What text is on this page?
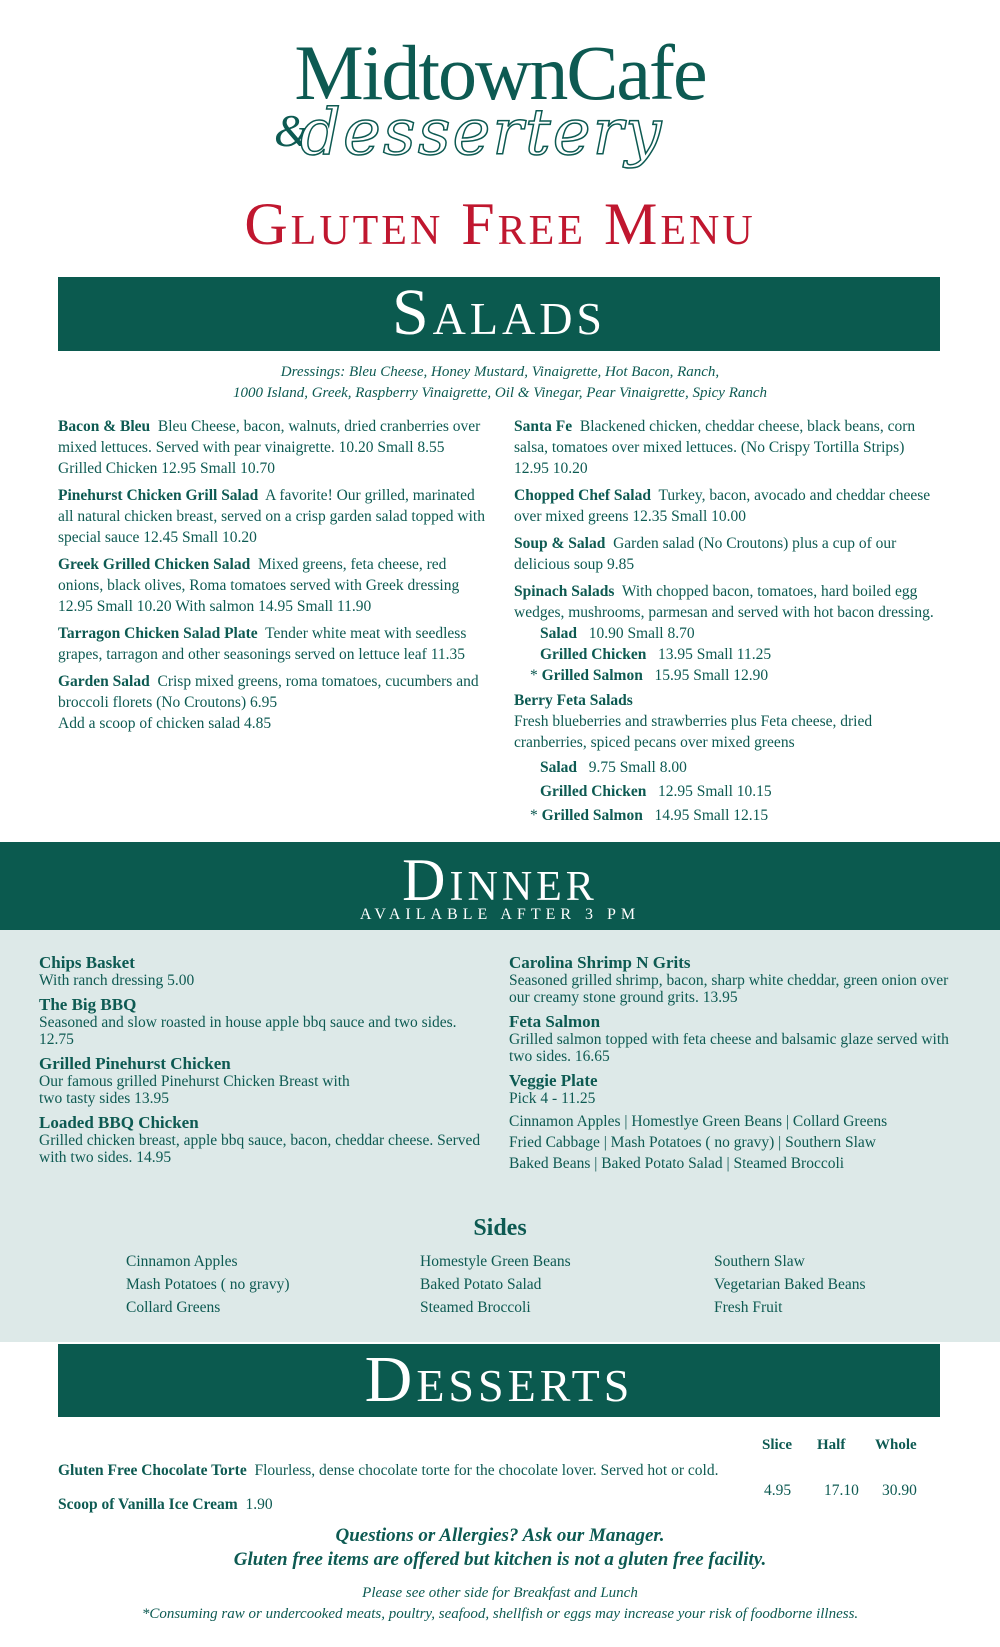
MidtownCafe
&
dessertery
Gluten Free Menu
Salads
Dressings: Bleu Cheese, Honey Mustard, Vinaigrette, Hot Bacon, Ranch,
1000 Island, Greek, Raspberry Vinaigrette, Oil & Vinegar, Pear Vinaigrette, Spicy Ranch
Bacon & Bleu Bleu Cheese, bacon, walnuts, dried cranberries over mixed lettuces. Served with pear vinaigrette. 10.20 Small 8.55 Grilled Chicken 12.95 Small 10.70
Pinehurst Chicken Grill Salad A favorite! Our grilled, marinated all natural chicken breast, served on a crisp garden salad topped with special sauce 12.45 Small 10.20
Greek Grilled Chicken Salad Mixed greens, feta cheese, red onions, black olives, Roma tomatoes served with Greek dressing 12.95 Small 10.20 With salmon 14.95 Small 11.90
Tarragon Chicken Salad Plate Tender white meat with seedless grapes, tarragon and other seasonings served on lettuce leaf 11.35
Garden Salad Crisp mixed greens, roma tomatoes, cucumbers and broccoli florets (No Croutons) 6.95
Add a scoop of chicken salad 4.85
Santa Fe Blackened chicken, cheddar cheese, black beans, corn salsa, tomatoes over mixed lettuces. (No Crispy Tortilla Strips) 12.95 10.20
Chopped Chef Salad Turkey, bacon, avocado and cheddar cheese over mixed greens 12.35 Small 10.00
Soup & Salad Garden salad (No Croutons) plus a cup of our delicious soup 9.85
Spinach Salads With chopped bacon, tomatoes, hard boiled egg wedges, mushrooms, parmesan and served with hot bacon dressing.
Salad 10.90 Small 8.70
Grilled Chicken 13.95 Small 11.25
* Grilled Salmon 15.95 Small 12.90
Berry Feta Salads
Fresh blueberries and strawberries plus Feta cheese, dried cranberries, spiced pecans over mixed greens
Salad 9.75 Small 8.00
Grilled Chicken 12.95 Small 10.15
* Grilled Salmon 14.95 Small 12.15
Dinner
AVAILABLE AFTER 3 PM
Chips Basket
With ranch dressing 5.00
The Big BBQ
Seasoned and slow roasted in house apple bbq sauce and two sides. 12.75
Grilled Pinehurst Chicken
Our famous grilled Pinehurst Chicken Breast with two tasty sides 13.95
Loaded BBQ Chicken
Grilled chicken breast, apple bbq sauce, bacon, cheddar cheese. Served with two sides. 14.95
Carolina Shrimp N Grits
Seasoned grilled shrimp, bacon, sharp white cheddar, green onion over our creamy stone ground grits. 13.95
Feta Salmon
Grilled salmon topped with feta cheese and balsamic glaze served with two sides. 16.65
Veggie Plate
Pick 4 - 11.25
Cinnamon Apples | Homestlye Green Beans | Collard Greens
Fried Cabbage | Mash Potatoes ( no gravy) | Southern Slaw
Baked Beans | Baked Potato Salad | Steamed Broccoli
Sides
Cinnamon Apples
Mash Potatoes ( no gravy)
Collard Greens
Homestyle Green Beans
Baked Potato Salad
Steamed Broccoli
Southern Slaw
Vegetarian Baked Beans
Fresh Fruit
Desserts
Slice Half Whole
Gluten Free Chocolate Torte Flourless, dense chocolate torte for the chocolate lover. Served hot or cold.
4.95 17.10 30.90
Scoop of Vanilla Ice Cream 1.90
Questions or Allergies? Ask our Manager.
Gluten free items are offered but kitchen is not a gluten free facility.
Please see other side for Breakfast and Lunch
*Consuming raw or undercooked meats, poultry, seafood, shellfish or eggs may increase your risk of foodborne illness.
